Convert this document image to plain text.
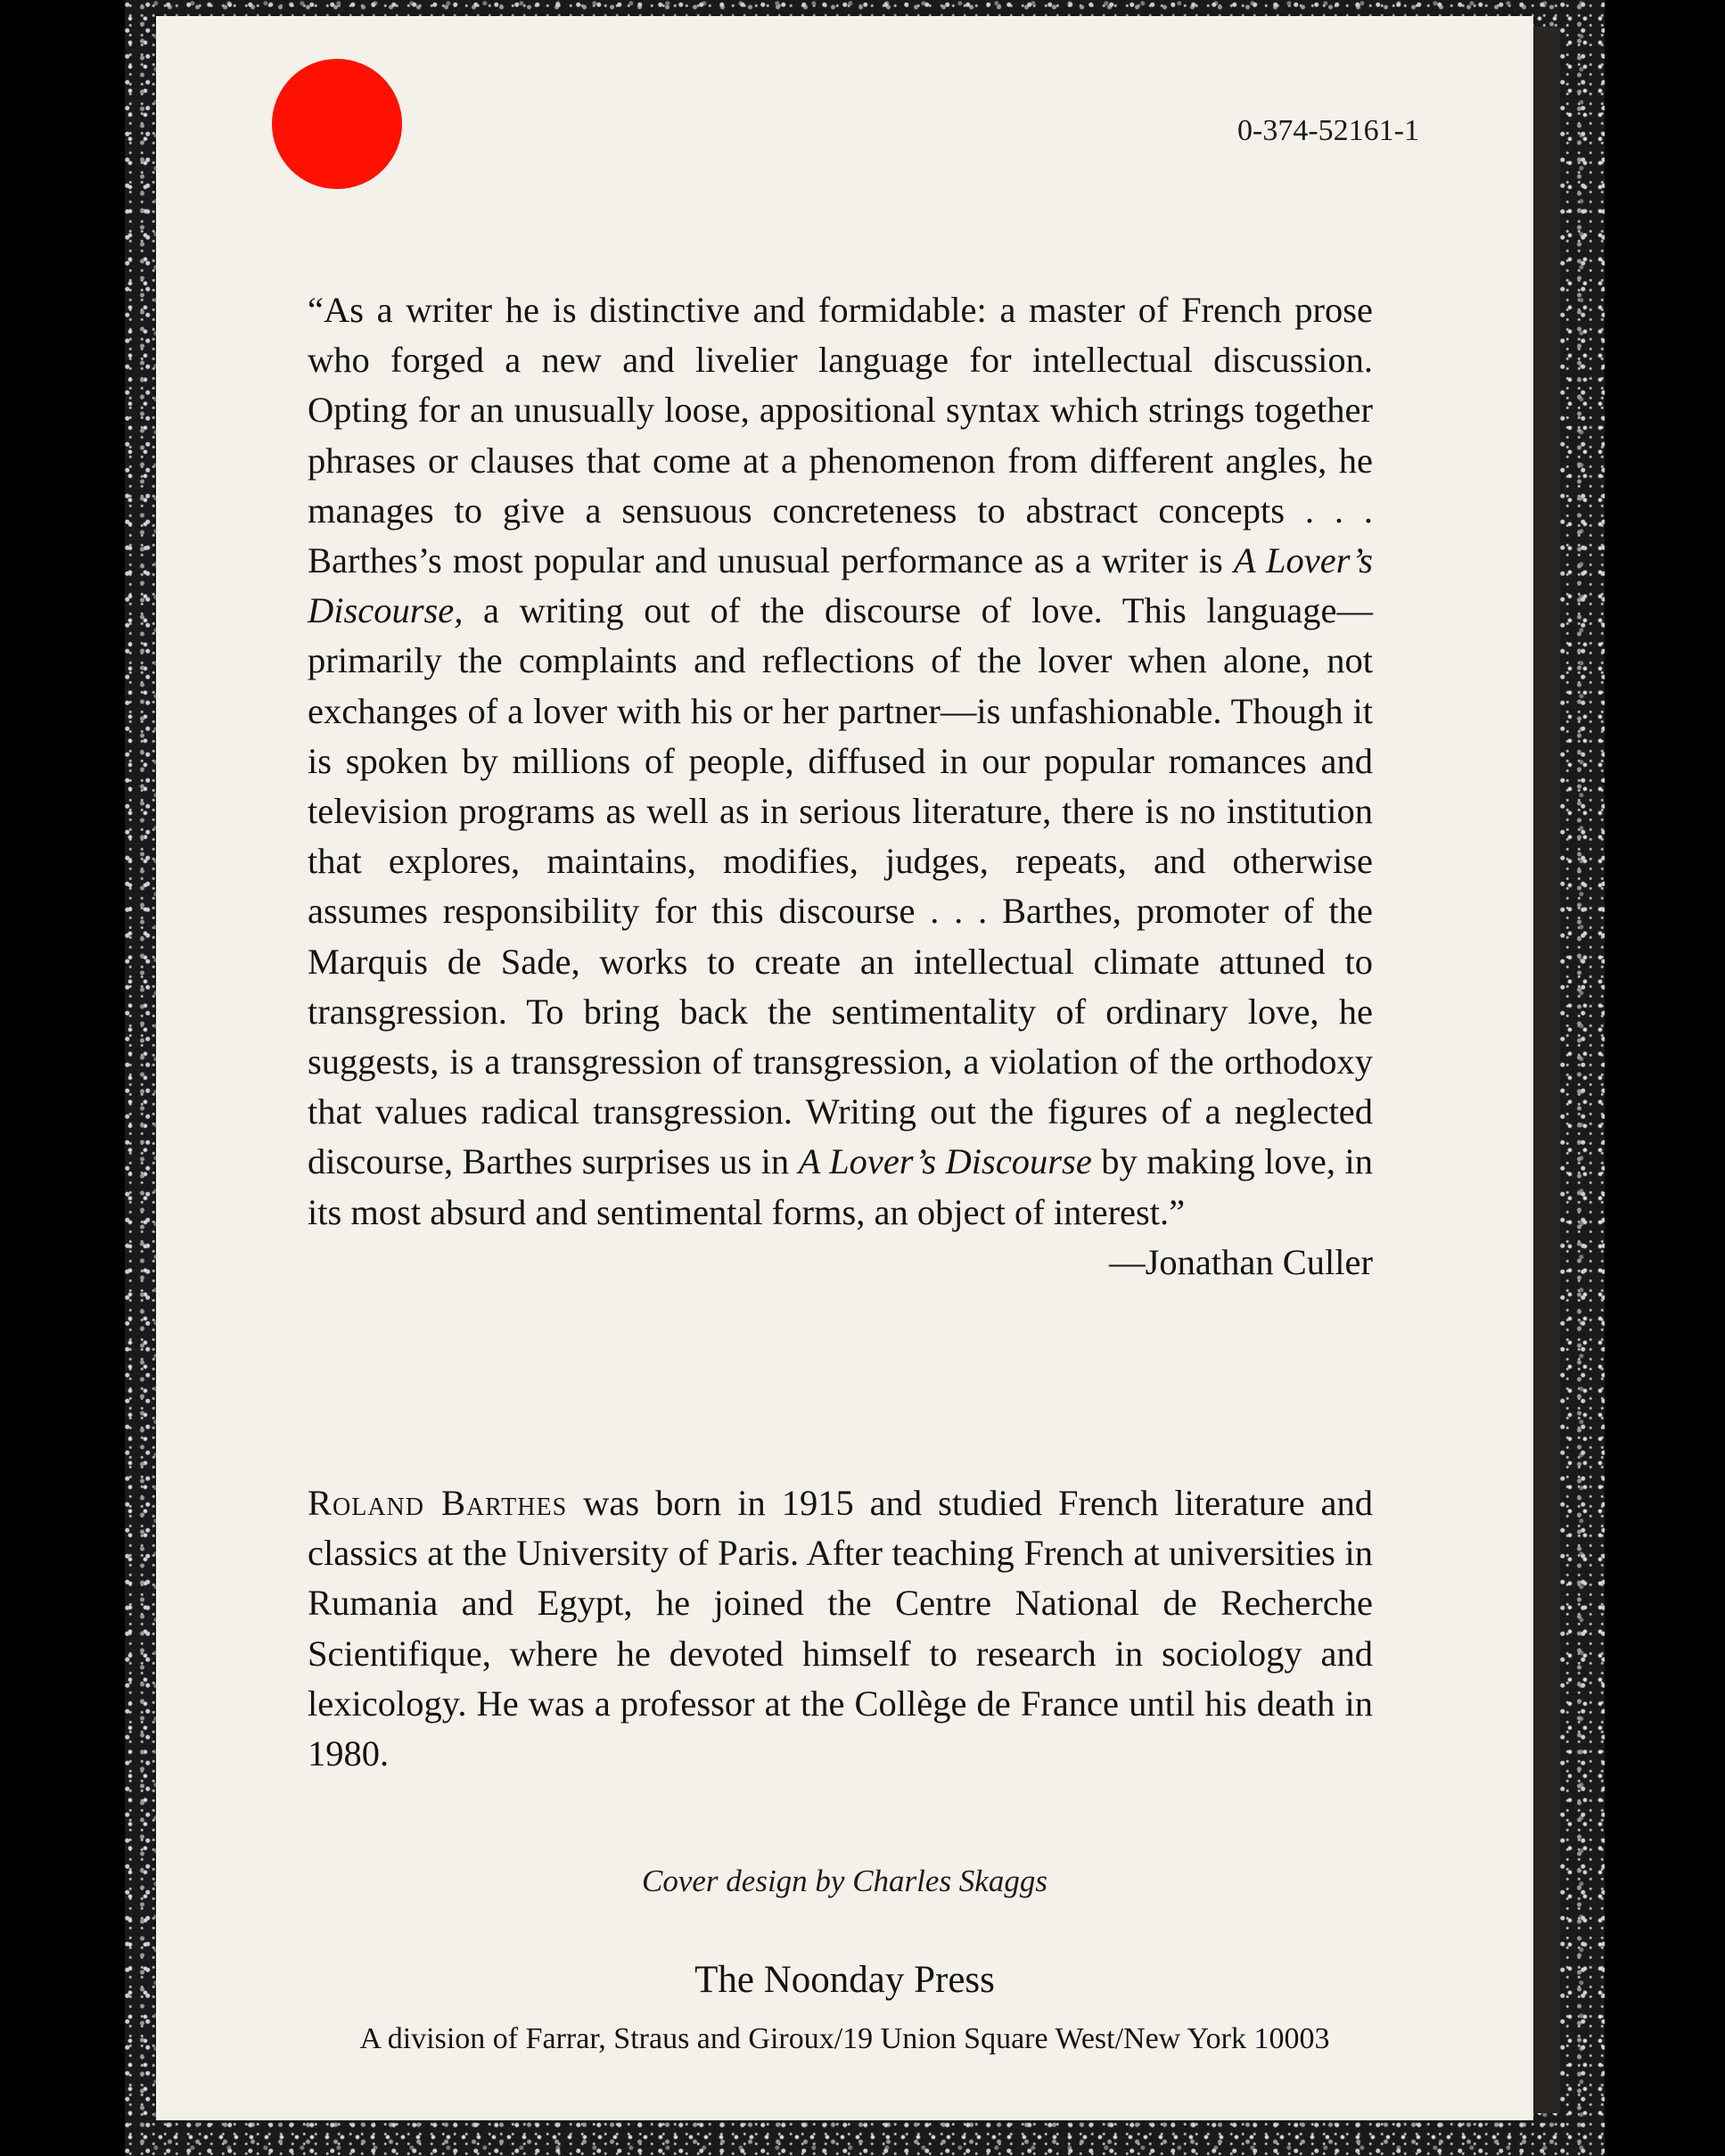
0-374-52161-1

“As a writer he is distinctive and formidable: a master of French prose who forged a new and livelier language for intellectual discussion. Opting for an unusually loose, appositional syntax which strings together phrases or clauses that come at a phenomenon from different angles, he manages to give a sensuous concreteness to abstract concepts . . . Barthes’s most popular and unusual performance as a writer is A Lover’s Discourse, a writing out of the discourse of love. This language—primarily the complaints and reflections of the lover when alone, not exchanges of a lover with his or her partner—is unfashionable. Though it is spoken by millions of people, diffused in our popular romances and television programs as well as in serious literature, there is no institution that explores, maintains, modifies, judges, repeats, and otherwise assumes responsibility for this discourse . . . Barthes, promoter of the Marquis de Sade, works to create an intellectual climate attuned to transgression. To bring back the sentimentality of ordinary love, he suggests, is a transgression of transgression, a violation of the orthodoxy that values radical transgression. Writing out the figures of a neglected discourse, Barthes surprises us in A Lover’s Discourse by making love, in its most absurd and sentimental forms, an object of interest.”
—Jonathan Culler

Roland Barthes was born in 1915 and studied French literature and classics at the University of Paris. After teaching French at universities in Rumania and Egypt, he joined the Centre National de Recherche Scientifique, where he devoted himself to research in sociology and lexicology. He was a professor at the Collège de France until his death in 1980.

Cover design by Charles Skaggs

The Noonday Press

A division of Farrar, Straus and Giroux/19 Union Square West/New York 10003
